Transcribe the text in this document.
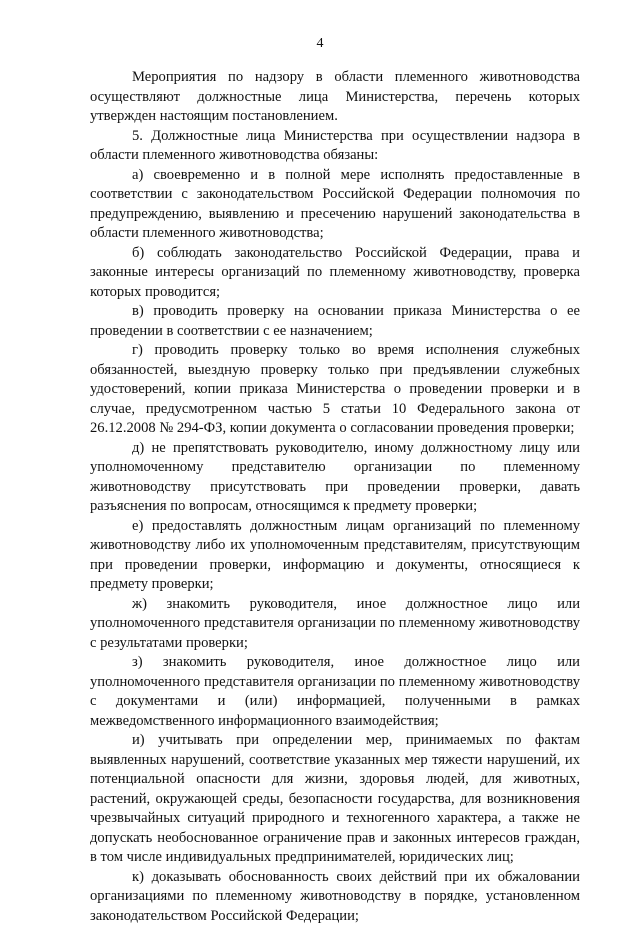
4

Мероприятия по надзору в области племенного животноводства осуществляют должностные лица Министерства, перечень которых утвержден настоящим постановлением.

5. Должностные лица Министерства при осуществлении надзора в области племенного животноводства обязаны:

а) своевременно и в полной мере исполнять предоставленные в соответствии с законодательством Российской Федерации полномочия по предупреждению, выявлению и пресечению нарушений законодательства в области племенного животноводства;

б) соблюдать законодательство Российской Федерации, права и законные интересы организаций по племенному животноводству, проверка которых проводится;

в) проводить проверку на основании приказа Министерства о ее проведении в соответствии с ее назначением;

г) проводить проверку только во время исполнения служебных обязанностей, выездную проверку только при предъявлении служебных удостоверений, копии приказа Министерства о проведении проверки и в случае, предусмотренном частью 5 статьи 10 Федерального закона от 26.12.2008 № 294-ФЗ, копии документа о согласовании проведения проверки;

д) не препятствовать руководителю, иному должностному лицу или уполномоченному представителю организации по племенному животноводству присутствовать при проведении проверки, давать разъяснения по вопросам, относящимся к предмету проверки;

е) предоставлять должностным лицам организаций по племенному животноводству либо их уполномоченным представителям, присутствующим при проведении проверки, информацию и документы, относящиеся к предмету проверки;

ж) знакомить руководителя, иное должностное лицо или уполномоченного представителя организации по племенному животноводству с результатами проверки;

з) знакомить руководителя, иное должностное лицо или уполномоченного представителя организации по племенному животноводству с документами и (или) информацией, полученными в рамках межведомственного информационного взаимодействия;

и) учитывать при определении мер, принимаемых по фактам выявленных нарушений, соответствие указанных мер тяжести нарушений, их потенциальной опасности для жизни, здоровья людей, для животных, растений, окружающей среды, безопасности государства, для возникновения чрезвычайных ситуаций природного и техногенного характера, а также не допускать необоснованное ограничение прав и законных интересов граждан, в том числе индивидуальных предпринимателей, юридических лиц;

к) доказывать обоснованность своих действий при их обжаловании организациями по племенному животноводству в порядке, установленном законодательством Российской Федерации;
